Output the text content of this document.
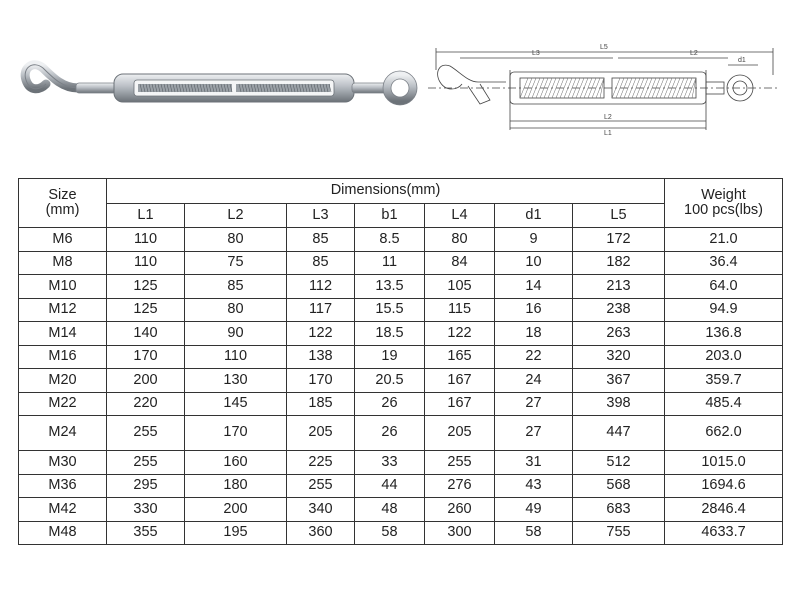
L3
L5
L2
d1
L2
L1
Size
(mm)	Dimensions(mm)							Weight
100 pcs(lbs)

	L1	L2	L3	b1	L4	d1	L5	
M6	110	80	85	8.5	80	9	172	21.0
M8	110	75	85	11	84	10	182	36.4
M10	125	85	112	13.5	105	14	213	64.0
M12	125	80	117	15.5	115	16	238	94.9
M14	140	90	122	18.5	122	18	263	136.8
M16	170	110	138	19	165	22	320	203.0
M20	200	130	170	20.5	167	24	367	359.7
M22	220	145	185	26	167	27	398	485.4
M24	255	170	205	26	205	27	447	662.0
M30	255	160	225	33	255	31	512	1015.0
M36	295	180	255	44	276	43	568	1694.6
M42	330	200	340	48	260	49	683	2846.4
M48	355	195	360	58	300	58	755	4633.7
